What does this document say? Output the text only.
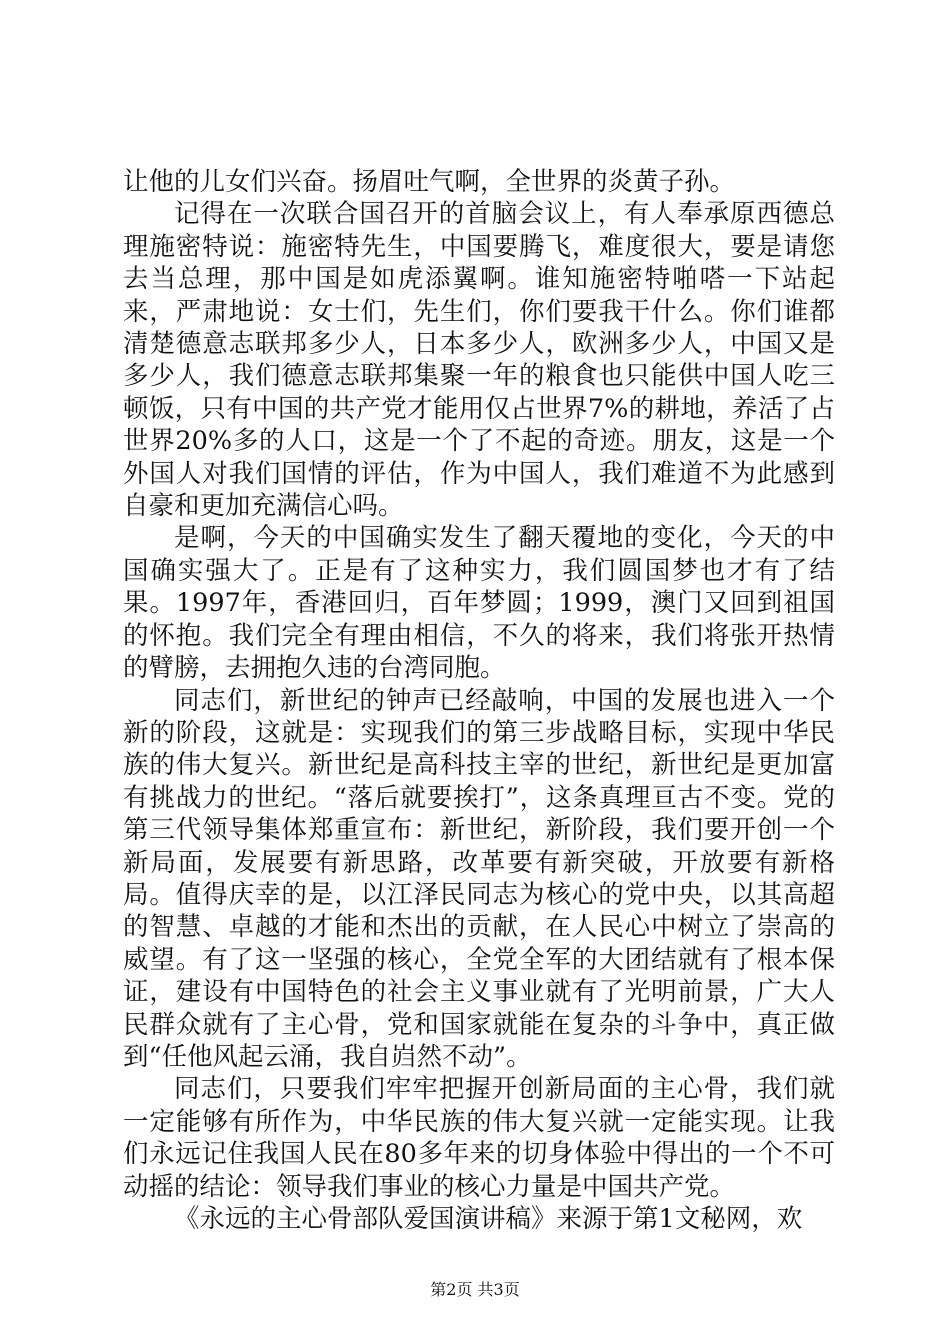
让他的儿女们兴奋。扬眉吐气啊，全世界的炎黄子孙。

记得在一次联合国召开的首脑会议上，有人奉承原西德总理施密特说：施密特先生，中国要腾飞，难度很大，要是请您去当总理，那中国是如虎添翼啊。谁知施密特啪嗒一下站起来，严肃地说：女士们，先生们，你们要我干什么。你们谁都清楚德意志联邦多少人，日本多少人，欧洲多少人，中国又是多少人，我们德意志联邦集聚一年的粮食也只能供中国人吃三顿饭，只有中国的共产党才能用仅占世界7%的耕地，养活了占世界20%多的人口，这是一个了不起的奇迹。朋友，这是一个外国人对我们国情的评估，作为中国人，我们难道不为此感到自豪和更加充满信心吗。

是啊，今天的中国确实发生了翻天覆地的变化，今天的中国确实强大了。正是有了这种实力，我们圆国梦也才有了结果。1997年，香港回归，百年梦圆；1999，澳门又回到祖国的怀抱。我们完全有理由相信，不久的将来，我们将张开热情的臂膀，去拥抱久违的台湾同胞。

同志们，新世纪的钟声已经敲响，中国的发展也进入一个新的阶段，这就是：实现我们的第三步战略目标，实现中华民族的伟大复兴。新世纪是高科技主宰的世纪，新世纪是更加富有挑战力的世纪。“落后就要挨打”，这条真理亘古不变。党的第三代领导集体郑重宣布：新世纪，新阶段，我们要开创一个新局面，发展要有新思路，改革要有新突破，开放要有新格局。值得庆幸的是，以江泽民同志为核心的党中央，以其高超的智慧、卓越的才能和杰出的贡献，在人民心中树立了崇高的威望。有了这一坚强的核心，全党全军的大团结就有了根本保证，建设有中国特色的社会主义事业就有了光明前景，广大人民群众就有了主心骨，党和国家就能在复杂的斗争中，真正做到“任他风起云涌，我自岿然不动”。

同志们，只要我们牢牢把握开创新局面的主心骨，我们就一定能够有所作为，中华民族的伟大复兴就一定能实现。让我们永远记住我国人民在80多年来的切身体验中得出的一个不可动摇的结论：领导我们事业的核心力量是中国共产党。

《永远的主心骨部队爱国演讲稿》来源于第1文秘网，欢

第2页 共3页
